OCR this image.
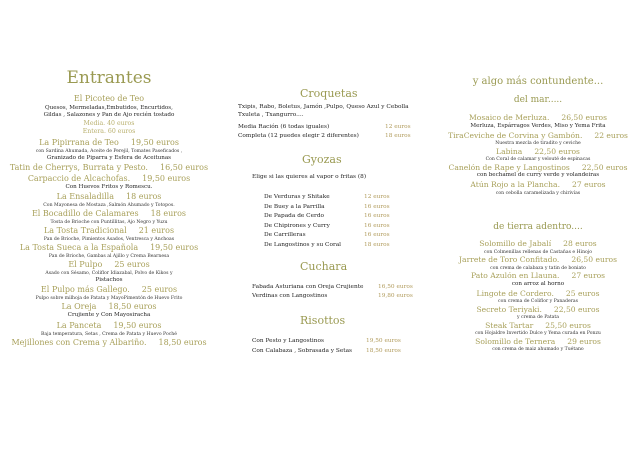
Entrantes
El Picoteo de Teo
Quesos, Mermeladas,Embutidos, Encurtidos,
Gildas , Salazones y Pan de Ajo recién tostado
Media. 40 euros
Entera. 60 euros
La Pipirrana de Teo 19,50 euros
con Sardina Ahumada, Aceite de Perejil, Tomates Paseficados ,
Granizado de Piparra y Esfera de Aceitunas
Tatin de Cherrys, Burrata y Pesto. 16,50 euros
Carpaccio de Alcachofas. 19,50 euros
Con Huevos Fritos y Romescu.
La Ensaladilla 18 euros
Con Mayonesa de Mostaza ,Salmón Ahumado y Totopos.
El Bocadillo de Calamares 18 euros
Tosta de Brioche con Puntillitas, Ajo Negro y Yuzu
La Tosta Tradicional 21 euros
Pan de Brioche, Pimientos Asados, Ventresca y Anchoas
La Tosta Sueca a la Española 19,50 euros
Pan de Brioche, Gambas al Ajillo y Crema Bearnesa
El Pulpo 25 euros
Asado con Sésamo, Coliflor Idiazabal, Polvo de Kikos y
Pistachos
El Pulpo más Gallego. 25 euros
Pulpo sobre milhoja de Patata y MayoPimentón de Huevo Frito
La Oreja 18,50 euros
Crujiente y Con Mayosiracha
La Panceta 19,50 euros
Baja temperatura, Setas , Crema de Patata y Huevo Poché
Mejillones con Crema y Albariño. 18,50 euros
Croquetas
Txipis, Rabo, Boletus, Jamón ,Pulpo, Queso Azul y Cebolla
Txuleta , Txangurro....
Media Ración (6 todas iguales)	12 euros
Completa (12 puedes elegir 2 diferentes)	18 euros
Gyozas
Elige si las quieres al vapor o fritas (8)
De Verduras y Shitake	12 euros
De Buey a la Parrilla	16 euros
De Papada de Cerdo	16 euros
De Chipirones y Curry	16 euros
De Carrilleras	16 euros
De Langostinos y su Coral	18 euros
Cuchara
Fabada Asturiana con Oreja Crujiente	16,50 euros
Verdinas con Langostinos	19,80 euros
Risottos
Con Pesto y Langostinos	19,50 euros
Con Calabaza , Sobrasada y Setas 18,50 euros
y algo más contundente...
del mar.....
Mosaico de Merluza. 26,50 euros
Merluza, Espárragos Verdes, Miso y Yema Frita
TiraCeviche de Corvina y Gambón. 22 euros
Nuestra mezcla de tiradito y ceviche
Labina 22,50 euros
Con Coral de calamar y velouté de espinacas
Canelón de Rape y Langostinos 22,50 euros
con bechamel de curry verde y volandeiras
Atún Rojo a la Plancha. 27 euros
con cebolla caramelizada y chirivías
de tierra adentro....
Solomillo de Jabalí 28 euros
con Colmenillas rellenas de Castañas e Hinojo
Jarrete de Toro Confitado. 26,50 euros
con crema de calabaza y tatin de boniato
Pato Azulón en Llauna. 27 euros
con arroz al horno
Lingote de Cordero. 25 euros
con crema de Coliflor y Panaderas
Secreto Teriyaki. 22,50 euros
y crema de Patata
Steak Tartar 25,50 euros
con Hojaldre Invertido Dulce y Yema curada en Ponzu
Solomillo de Ternera 29 euros
con crema de maiz ahumado y Tuétano
